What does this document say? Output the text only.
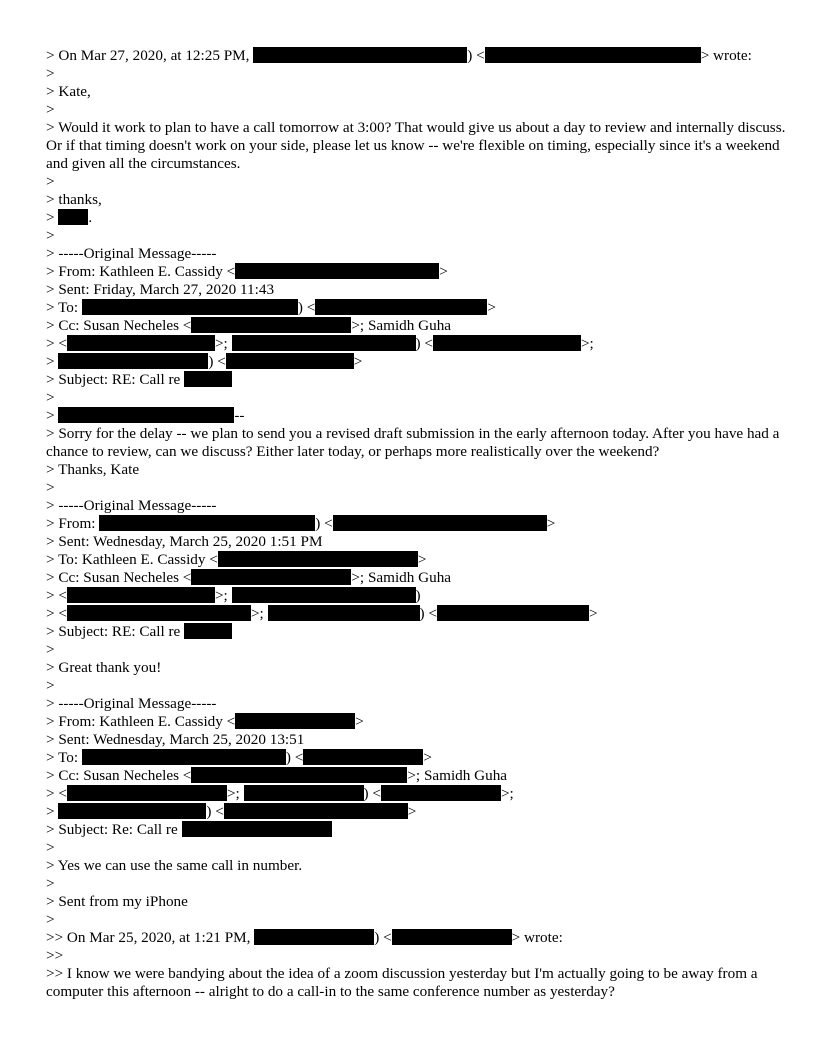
> On Mar 27, 2020, at 12:25 PM,	) <	> wrote:
>
> Kate,
>
> Would it work to plan to have a call tomorrow at 3:00? That would give us about a day to review and internally discuss. Or if that timing doesn't work on your side, please let us know -- we're flexible on timing, especially since it's a weekend and given all the circumstances.
>
> thanks,
> .
>
> -----Original Message-----
> From: Kathleen E. Cassidy <	>
> Sent: Friday, March 27, 2020 11:43
> To:	) <	>
> Cc: Susan Necheles <	>; Samidh Guha
> <	>;	) <	>;
>	) <	>
> Subject: RE: Call re
>
>	--
> Sorry for the delay -- we plan to send you a revised draft submission in the early afternoon today. After you have had a chance to review, can we discuss? Either later today, or perhaps more realistically over the weekend?
> Thanks, Kate
>
> -----Original Message-----
> From:	) <	>
> Sent: Wednesday, March 25, 2020 1:51 PM
> To: Kathleen E. Cassidy <	>
> Cc: Susan Necheles <	>; Samidh Guha
> <	>;	)
> <	>;	) <	>
> Subject: RE: Call re
>
> Great thank you!
>
> -----Original Message-----
> From: Kathleen E. Cassidy <	>
> Sent: Wednesday, March 25, 2020 13:51
> To:	) <	>
> Cc: Susan Necheles <	>; Samidh Guha
> <	>;	) <	>;
>	) <	>
> Subject: Re: Call re
>
> Yes we can use the same call in number.
>
> Sent from my iPhone
>
>> On Mar 25, 2020, at 1:21 PM,	) <	> wrote:
>>
>> I know we were bandying about the idea of a zoom discussion yesterday but I'm actually going to be away from a computer this afternoon -- alright to do a call-in to the same conference number as yesterday?
